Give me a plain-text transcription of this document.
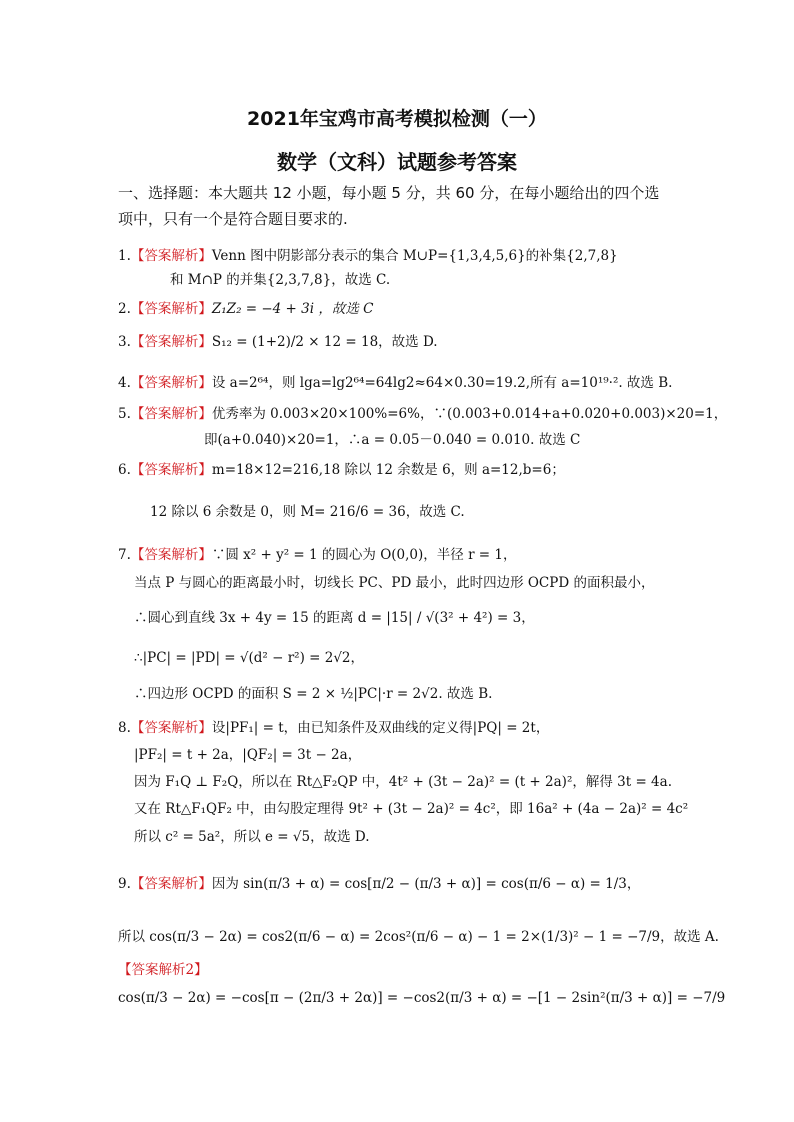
2021年宝鸡市高考模拟检测（一）
数学（文科）试题参考答案
一、选择题：本大题共 12 小题，每小题 5 分，共 60 分，在每小题给出的四个选
项中，只有一个是符合题目要求的.
1.【答案解析】Venn 图中阴影部分表示的集合 M∪P={1,3,4,5,6}的补集{2,7,8}
和 M∩P 的并集{2,3,7,8}，故选 C.
2.【答案解析】Z₁Z₂ = −4 + 3i ，故选 C
3.【答案解析】S₁₂ = (1+2)/2 × 12 = 18，故选 D.
4.【答案解析】设 a=2⁶⁴，则 lga=lg2⁶⁴=64lg2≈64×0.30=19.2,所有 a=10¹⁹·². 故选 B.
5.【答案解析】优秀率为 0.003×20×100%=6%，∵(0.003+0.014+a+0.020+0.003)×20=1，
即(a+0.040)×20=1，∴a = 0.05－0.040 = 0.010. 故选 C
6.【答案解析】m=18×12=216,18 除以 12 余数是 6，则 a=12,b=6；
12 除以 6 余数是 0，则 M= 216/6 = 36，故选 C.
7.【答案解析】∵圆 x² + y² = 1 的圆心为 O(0,0)，半径 r = 1，
当点 P 与圆心的距离最小时，切线长 PC、PD 最小，此时四边形 OCPD 的面积最小，
∴圆心到直线 3x + 4y = 15 的距离 d = |15| / √(3² + 4²) = 3，
∴|PC| = |PD| = √(d² − r²) = 2√2，
∴四边形 OCPD 的面积 S = 2 × ½|PC|·r = 2√2. 故选 B.
8.【答案解析】设|PF₁| = t，由已知条件及双曲线的定义得|PQ| = 2t，
|PF₂| = t + 2a，|QF₂| = 3t − 2a，
因为 F₁Q ⊥ F₂Q，所以在 Rt△F₂QP 中，4t² + (3t − 2a)² = (t + 2a)²，解得 3t = 4a.
又在 Rt△F₁QF₂ 中，由勾股定理得 9t² + (3t − 2a)² = 4c²，即 16a² + (4a − 2a)² = 4c²
所以 c² = 5a²，所以 e = √5，故选 D.
9.【答案解析】因为 sin(π/3 + α) = cos[π/2 − (π/3 + α)] = cos(π/6 − α) = 1/3，
所以 cos(π/3 − 2α) = cos2(π/6 − α) = 2cos²(π/6 − α) − 1 = 2×(1/3)² − 1 = −7/9，故选 A.
【答案解析2】
cos(π/3 − 2α) = −cos[π − (2π/3 + 2α)] = −cos2(π/3 + α) = −[1 − 2sin²(π/3 + α)] = −7/9
